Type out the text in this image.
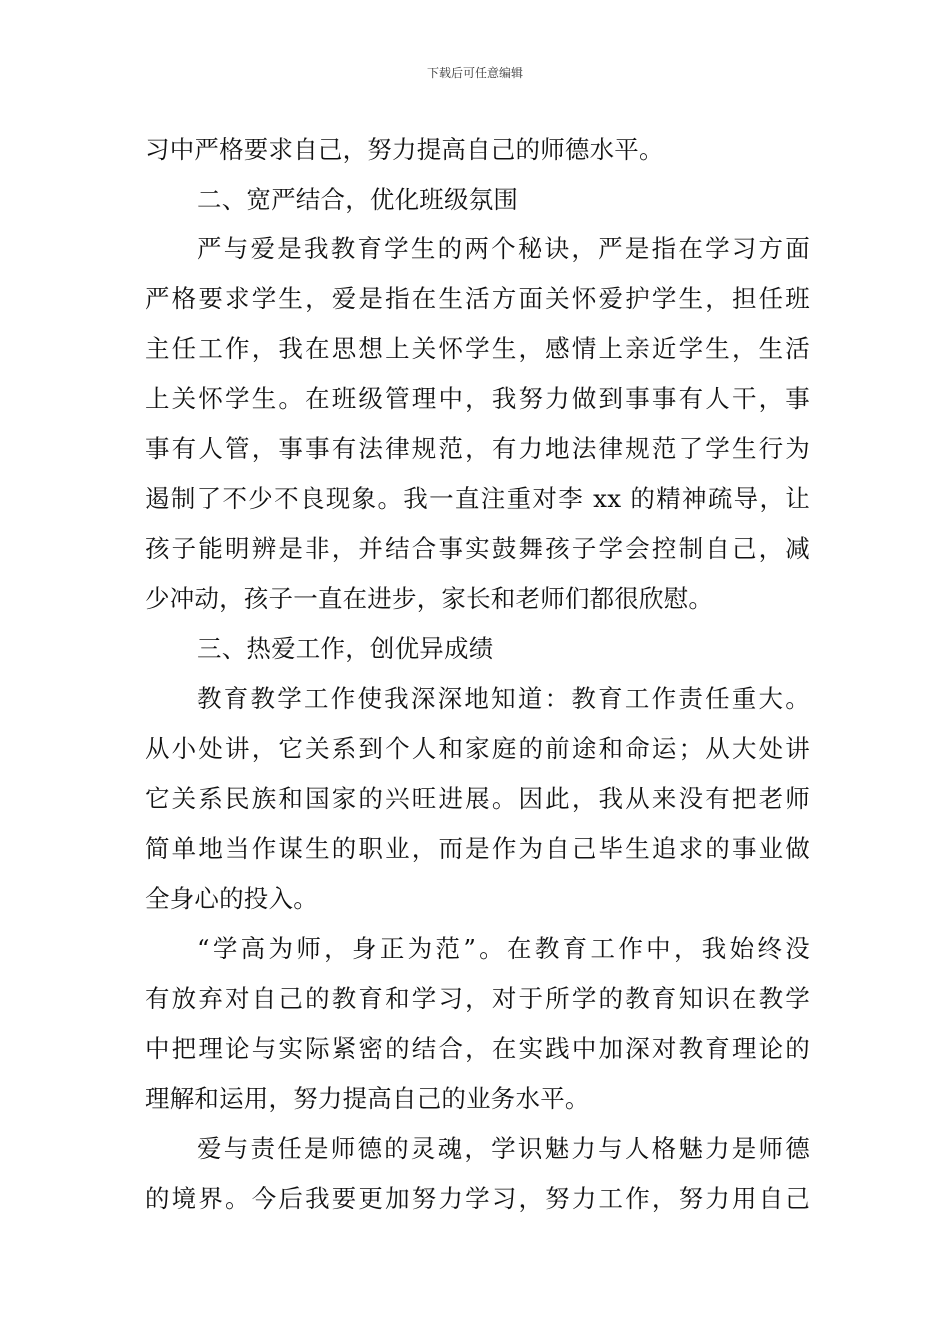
下载后可任意编辑
习中严格要求自己，努力提高自己的师德水平。
二、宽严结合，优化班级氛围
严与爱是我教育学生的两个秘诀，严是指在学习方面
严格要求学生，爱是指在生活方面关怀爱护学生，担任班
主任工作，我在思想上关怀学生，感情上亲近学生，生活
上关怀学生。在班级管理中，我努力做到事事有人干，事
事有人管，事事有法律规范，有力地法律规范了学生行为
遏制了不少不良现象。我一直注重对李 xx 的精神疏导，让
孩子能明辨是非，并结合事实鼓舞孩子学会控制自己，减
少冲动，孩子一直在进步，家长和老师们都很欣慰。
三、热爱工作，创优异成绩
教育教学工作使我深深地知道：教育工作责任重大。
从小处讲，它关系到个人和家庭的前途和命运；从大处讲
它关系民族和国家的兴旺进展。因此，我从来没有把老师
简单地当作谋生的职业，而是作为自己毕生追求的事业做
全身心的投入。
“学高为师，身正为范”。在教育工作中，我始终没
有放弃对自己的教育和学习，对于所学的教育知识在教学
中把理论与实际紧密的结合，在实践中加深对教育理论的
理解和运用，努力提高自己的业务水平。
爱与责任是师德的灵魂，学识魅力与人格魅力是师德
的境界。今后我要更加努力学习，努力工作，努力用自己
